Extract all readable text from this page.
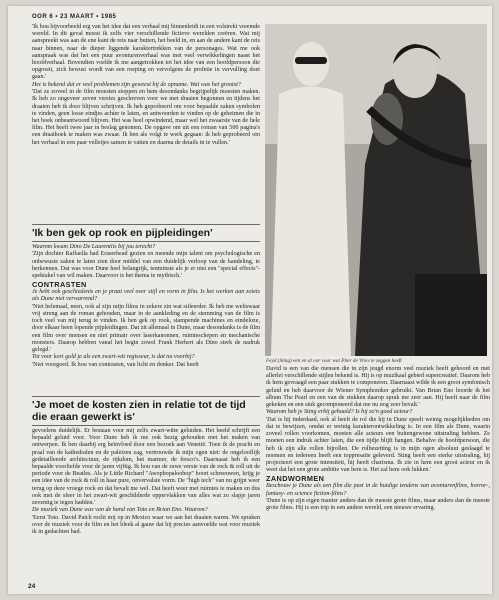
OOR 6 • 23 MAART • 1985

'Ik hou bijvoorbeeld erg van het idee dat een verhaal mij binnenleidt in een volstrekt vreemde wereld. In dit geval moest ik zelfs vier verschillende fictieve werelden creëren. Wat mij aanspreekt was aan de ene kant de reis naar buiten, het beeld in, en aan de andere kant de reis naar binnen, naar de dieper liggende karaktertrekken van de personages. Wat me ook aanspraak was dat het een puur avonturenverhaal was met veel verwikkelingen naast het hoofdverhaal. Bovendien voelde ik me aangetrokken tot het idee van een hoofdpersoon die opgroeit, zich bewust wordt van een roeping en vervolgens de profetie in vervulling doet gaan.'

Het is bekend dat er veel problemen zijn geweest bij de opname. Wat was het grootst?

'Dat ze zoveel in de film moesten stoppen en hem desondanks begrijpelijk moesten maken. Ik heb zo ongeveer zeven versies geschreven voor we met draaien begonnen en tijdens het draaien heb ik door blijven schrijven. Ik heb geprobeerd om voor bepaalde zaken symbolen te vinden, geen losse eindjes achter te laten, en antwoorden te vinden op de geheimen die in het boek onbeantwoord blijven. Het was heel opwindend, maar wel het zwaarste van de hele film. Het heeft twee jaar in beslag genomen. De opgave om uit een roman van 500 pagina's een draaiboek te maken was zwaar. Ik ben als volgt te werk gegaan: ik heb geprobeerd om het verhaal in een paar velletjes samen te vatten en daarna de details in te vullen.'

'Ik ben gek op rook en pijpleidingen'

Waarom kwam Dino De Laurentiis bij jou terecht?

'Zijn dochter Raffaella had Eraserhead gezien en meende mijn talent om psychologische en onbewuste zaken te laten zien door middel van een duidelijk verloop van de handeling, te herkennen. Dat was voor Dune heel belangrijk, tenminste als je er niet een "special effects"-spektakel van wil maken. Daarvoor is het thema te mythisch.'

CONTRASTEN

Je hebt ook geschiedenis en je praat veel over stijl en vorm in film. Is het werken aan zoiets als Dune niet verwarrend?

'Niet helemaal, neen, ook al zijn mijn films in zekere zin wat stileerder. Ik heb me weliswaar vrij streng aan de roman gehouden, maar in de aankleding en de stemming van de film is toch veel van mij terug te vinden. Ik ben gek op rook, stampende machines en eindeloze, door elkaar heen lopende pijpleidingen. Dat zit allemaal in Dune, maar desondanks is de film een film over mensen en niet primair over laserkanonnen, ruimteschepen en mechanische monsters. Daarop hebben vanaf het begin zowel Frank Herbert als Dino sterk de nadruk gelegd.'

Tot voor kort gold je als een zwart-wit regisseur, is dat nu voorbij?

'Niet voorgoed. Ik hou van contrasten, van licht en donker. Dat heeft

'Je moet de kosten zien in relatie tot de tijd die eraan gewerkt is'

gevoelens duidelijk. Er bestaan voor mij zelfs zwart-witte geluiden. Het beeld schrijft een bepaald geluid voor. Voor Dune heb ik me ook bezig gehouden met het maken van ontwerpen. Ik ben daarbij erg beïnvloed door een bezoek aan Venetië. Toen ik de pracht en praal van de kathedralen en de paleizen zag, vertrouwde ik mijn ogen niet: de ongelooflijk gedetailleerde architectuur, de rijkdom, het marmer, de fresco's. Daarnaast heb ik een bepaalde voorliefde voor de jaren vijftig. Ik hou van de ruwe versie van de rock & roll uit de periode voor de Beatles. Als je Little Richard "Awopbopaloobop" hoort schreeuwen, krijg je een idee van de rock & roll in haar pure, onvervalste vorm. De "high tech" van nu grijpt weer terug op deze vroege rock en dat bevalt me wel. Dat heeft weer met ruimtes te maken en dus ook met de sfeer in het zwart-wit geschilderde oppervlakken van alles wat zo slapje jaren zeventig te tegen hadden.'

De muziek van Dune was van de hand van Toto en Brian Eno. Waarom?

'Eerst Toto. David Paich rocht mij op in Mexico waar we aan het draaien waren. We spraken over de muziek voor de film en het bleek al gauw dat hij precies aanvoelde wat voor muziek ik in gedachten had.

Feyd (Sting) een en al oor voor wat Piter de Vries te zeggen heeft

David is een van die mensen die in zijn jeugd enorm veel muziek heeft gehoord en met allerlei verschillende stijlen bekend is. Hij is op muzikaal gebied supercreatief. Daarom heb ik hem gevraagd een paar stukken te componeren. Daarnaast wilde ik een groot symfonisch geluid en heb daarvoor de Wiener Symphoniker gebruikt. Van Brian Eno hoorde ik het album The Pearl en een van de stukken daarop sprak me zeer aan. Hij heeft naar de film gekeken en een stuk gecomponeerd dat me nu nog zeer bevalt.'

Waarom heb je Sting erbij gehaald? Is hij zo'n goed acteur?

'Dat is hij inderdaad, ook al heeft de rol die hij in Dune speelt weinig mogelijkheden om dat te bewijzen, omdat er weinig karakterontwikkeling is. In een film als Dune, waarin zoveel rollen voorkomen, moeten alle acteurs een buitengewone uitstraling hebben. Ze moeten een indruk achter laten, die een tijdje blijft hangen. Behalve de hoofdpersoon, die heb ik zijn alle rollen bijrollen. De rolbezetting is in mijn ogen absoluut geslaagd te noemen en iedereen heeft een toppresatie geleverd. Sting heeft een sterke uitstraling, hij projecteert een grote intensiteit, hij heeft charisma. Ik zie in hem een groot acteur en ik weet dat het een grote ambitie van hem is. Het zal hem ook lukken.'

ZANDWORMEN

Beschouw je Dune als een film die past in de huidige tendens van avonturenfilms, horror-, fantasy- en science fiction-films?

'Dune is op zijn eigen manier anders dan de meeste grote films, maar anders dan de meeste grote films. Hij is een trip in een andere wereld, een nieuwe ervaring.

24
